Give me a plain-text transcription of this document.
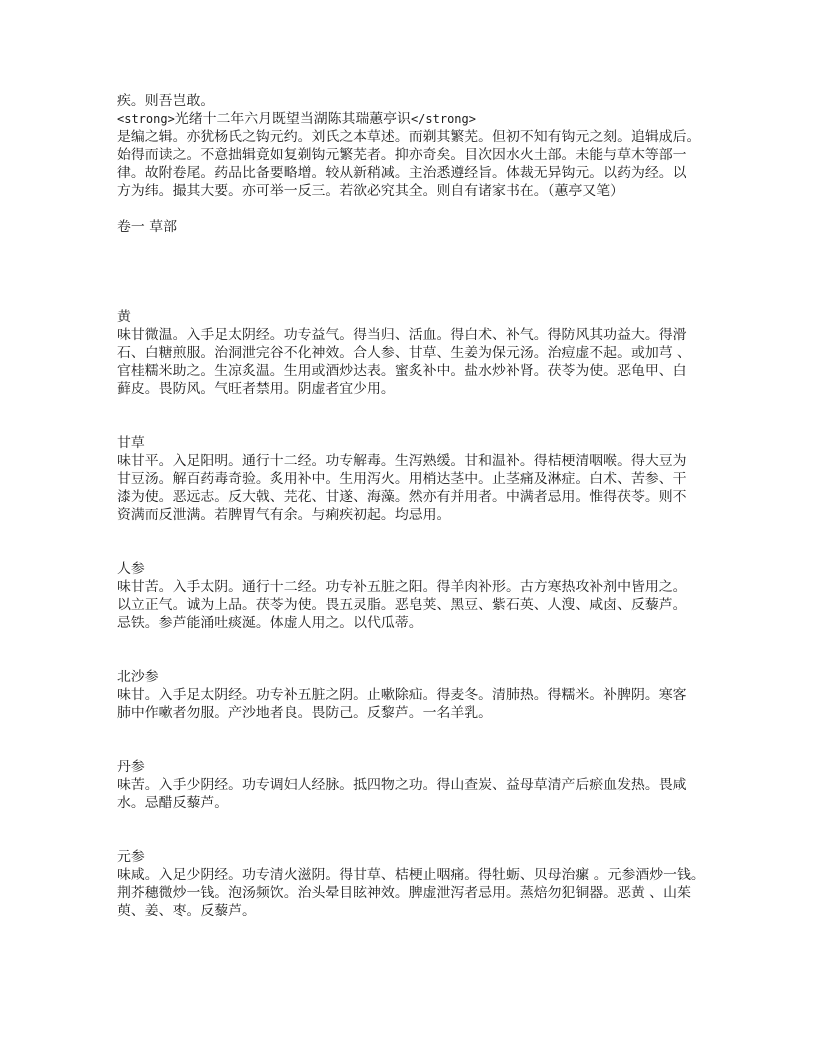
疾。则吾岂敢。
<strong>光绪十二年六月既望当湖陈其瑞蕙亭识</strong>
是编之辑。亦犹杨氏之钩元约。刘氏之本草述。而剃其繁芜。但初不知有钩元之刻。追辑成后。
始得而读之。不意拙辑竟如复剃钩元繁芜者。抑亦奇矣。目次因水火土部。未能与草木等部一
律。故附卷尾。药品比备要略增。较从新稍减。主治悉遵经旨。体裁无异钩元。以药为经。以
方为纬。撮其大要。亦可举一反三。若欲必究其全。则自有诸家书在。（蕙亭又笔）
卷一 草部
黄
味甘微温。入手足太阴经。功专益气。得当归、活血。得白术、补气。得防风其功益大。得滑
石、白糖煎服。治洞泄完谷不化神效。合人参、甘草、生姜为保元汤。治痘虚不起。或加芎 、
官桂糯米助之。生凉炙温。生用或酒炒达表。蜜炙补中。盐水炒补肾。茯苓为使。恶龟甲、白
藓皮。畏防风。气旺者禁用。阴虚者宜少用。
甘草
味甘平。入足阳明。通行十二经。功专解毒。生泻熟缓。甘和温补。得桔梗清咽喉。得大豆为
甘豆汤。解百药毒奇验。炙用补中。生用泻火。用梢达茎中。止茎痛及淋症。白术、苦参、干
漆为使。恶远志。反大戟、芫花、甘遂、海藻。然亦有并用者。中满者忌用。惟得茯苓。则不
资满而反泄满。若脾胃气有余。与痢疾初起。均忌用。
人参
味甘苦。入手太阴。通行十二经。功专补五脏之阳。得羊肉补形。古方寒热攻补剂中皆用之。
以立正气。诚为上品。茯苓为使。畏五灵脂。恶皂荚、黑豆、紫石英、人溲、咸卤、反藜芦。
忌铁。参芦能涌吐痰涎。体虚人用之。以代瓜蒂。
北沙参
味甘。入手足太阴经。功专补五脏之阴。止嗽除疝。得麦冬。清肺热。得糯米。补脾阴。寒客
肺中作嗽者勿服。产沙地者良。畏防己。反黎芦。一名羊乳。
丹参
味苦。入手少阴经。功专调妇人经脉。抵四物之功。得山查炭、益母草清产后瘀血发热。畏咸
水。忌醋反藜芦。
元参
味咸。入足少阴经。功专清火滋阴。得甘草、桔梗止咽痛。得牡蛎、贝母治瘰 。元参酒炒一钱。
荆芥穗微炒一钱。泡汤频饮。治头晕目眩神效。脾虚泄泻者忌用。蒸焙勿犯铜器。恶黄 、山茱
萸、姜、枣。反藜芦。
